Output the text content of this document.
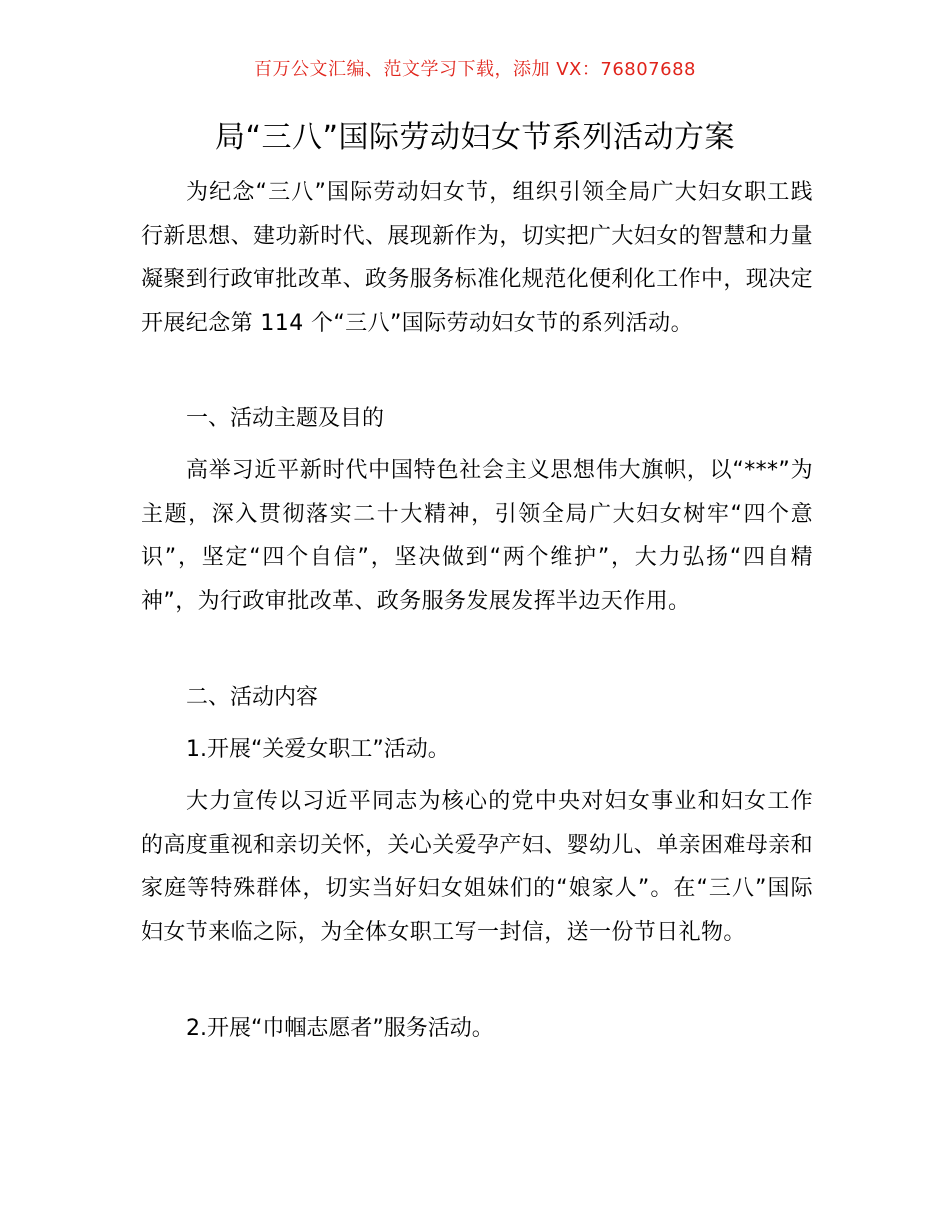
百万公文汇编、范文学习下载，添加 VX：76807688
局“三八”国际劳动妇女节系列活动方案

为纪念“三八”国际劳动妇女节，组织引领全局广大妇女职工践行新思想、建功新时代、展现新作为，切实把广大妇女的智慧和力量凝聚到行政审批改革、政务服务标准化规范化便利化工作中，现决定开展纪念第 114 个“三八”国际劳动妇女节的系列活动。

一、活动主题及目的

高举习近平新时代中国特色社会主义思想伟大旗帜，以“***”为主题，深入贯彻落实二十大精神，引领全局广大妇女树牢“四个意识”，坚定“四个自信”，坚决做到“两个维护”，大力弘扬“四自精神”，为行政审批改革、政务服务发展发挥半边天作用。

二、活动内容

1.开展“关爱女职工”活动。

大力宣传以习近平同志为核心的党中央对妇女事业和妇女工作的高度重视和亲切关怀，关心关爱孕产妇、婴幼儿、单亲困难母亲和家庭等特殊群体，切实当好妇女姐妹们的“娘家人”。在“三八”国际妇女节来临之际，为全体女职工写一封信，送一份节日礼物。

2.开展“巾帼志愿者”服务活动。
